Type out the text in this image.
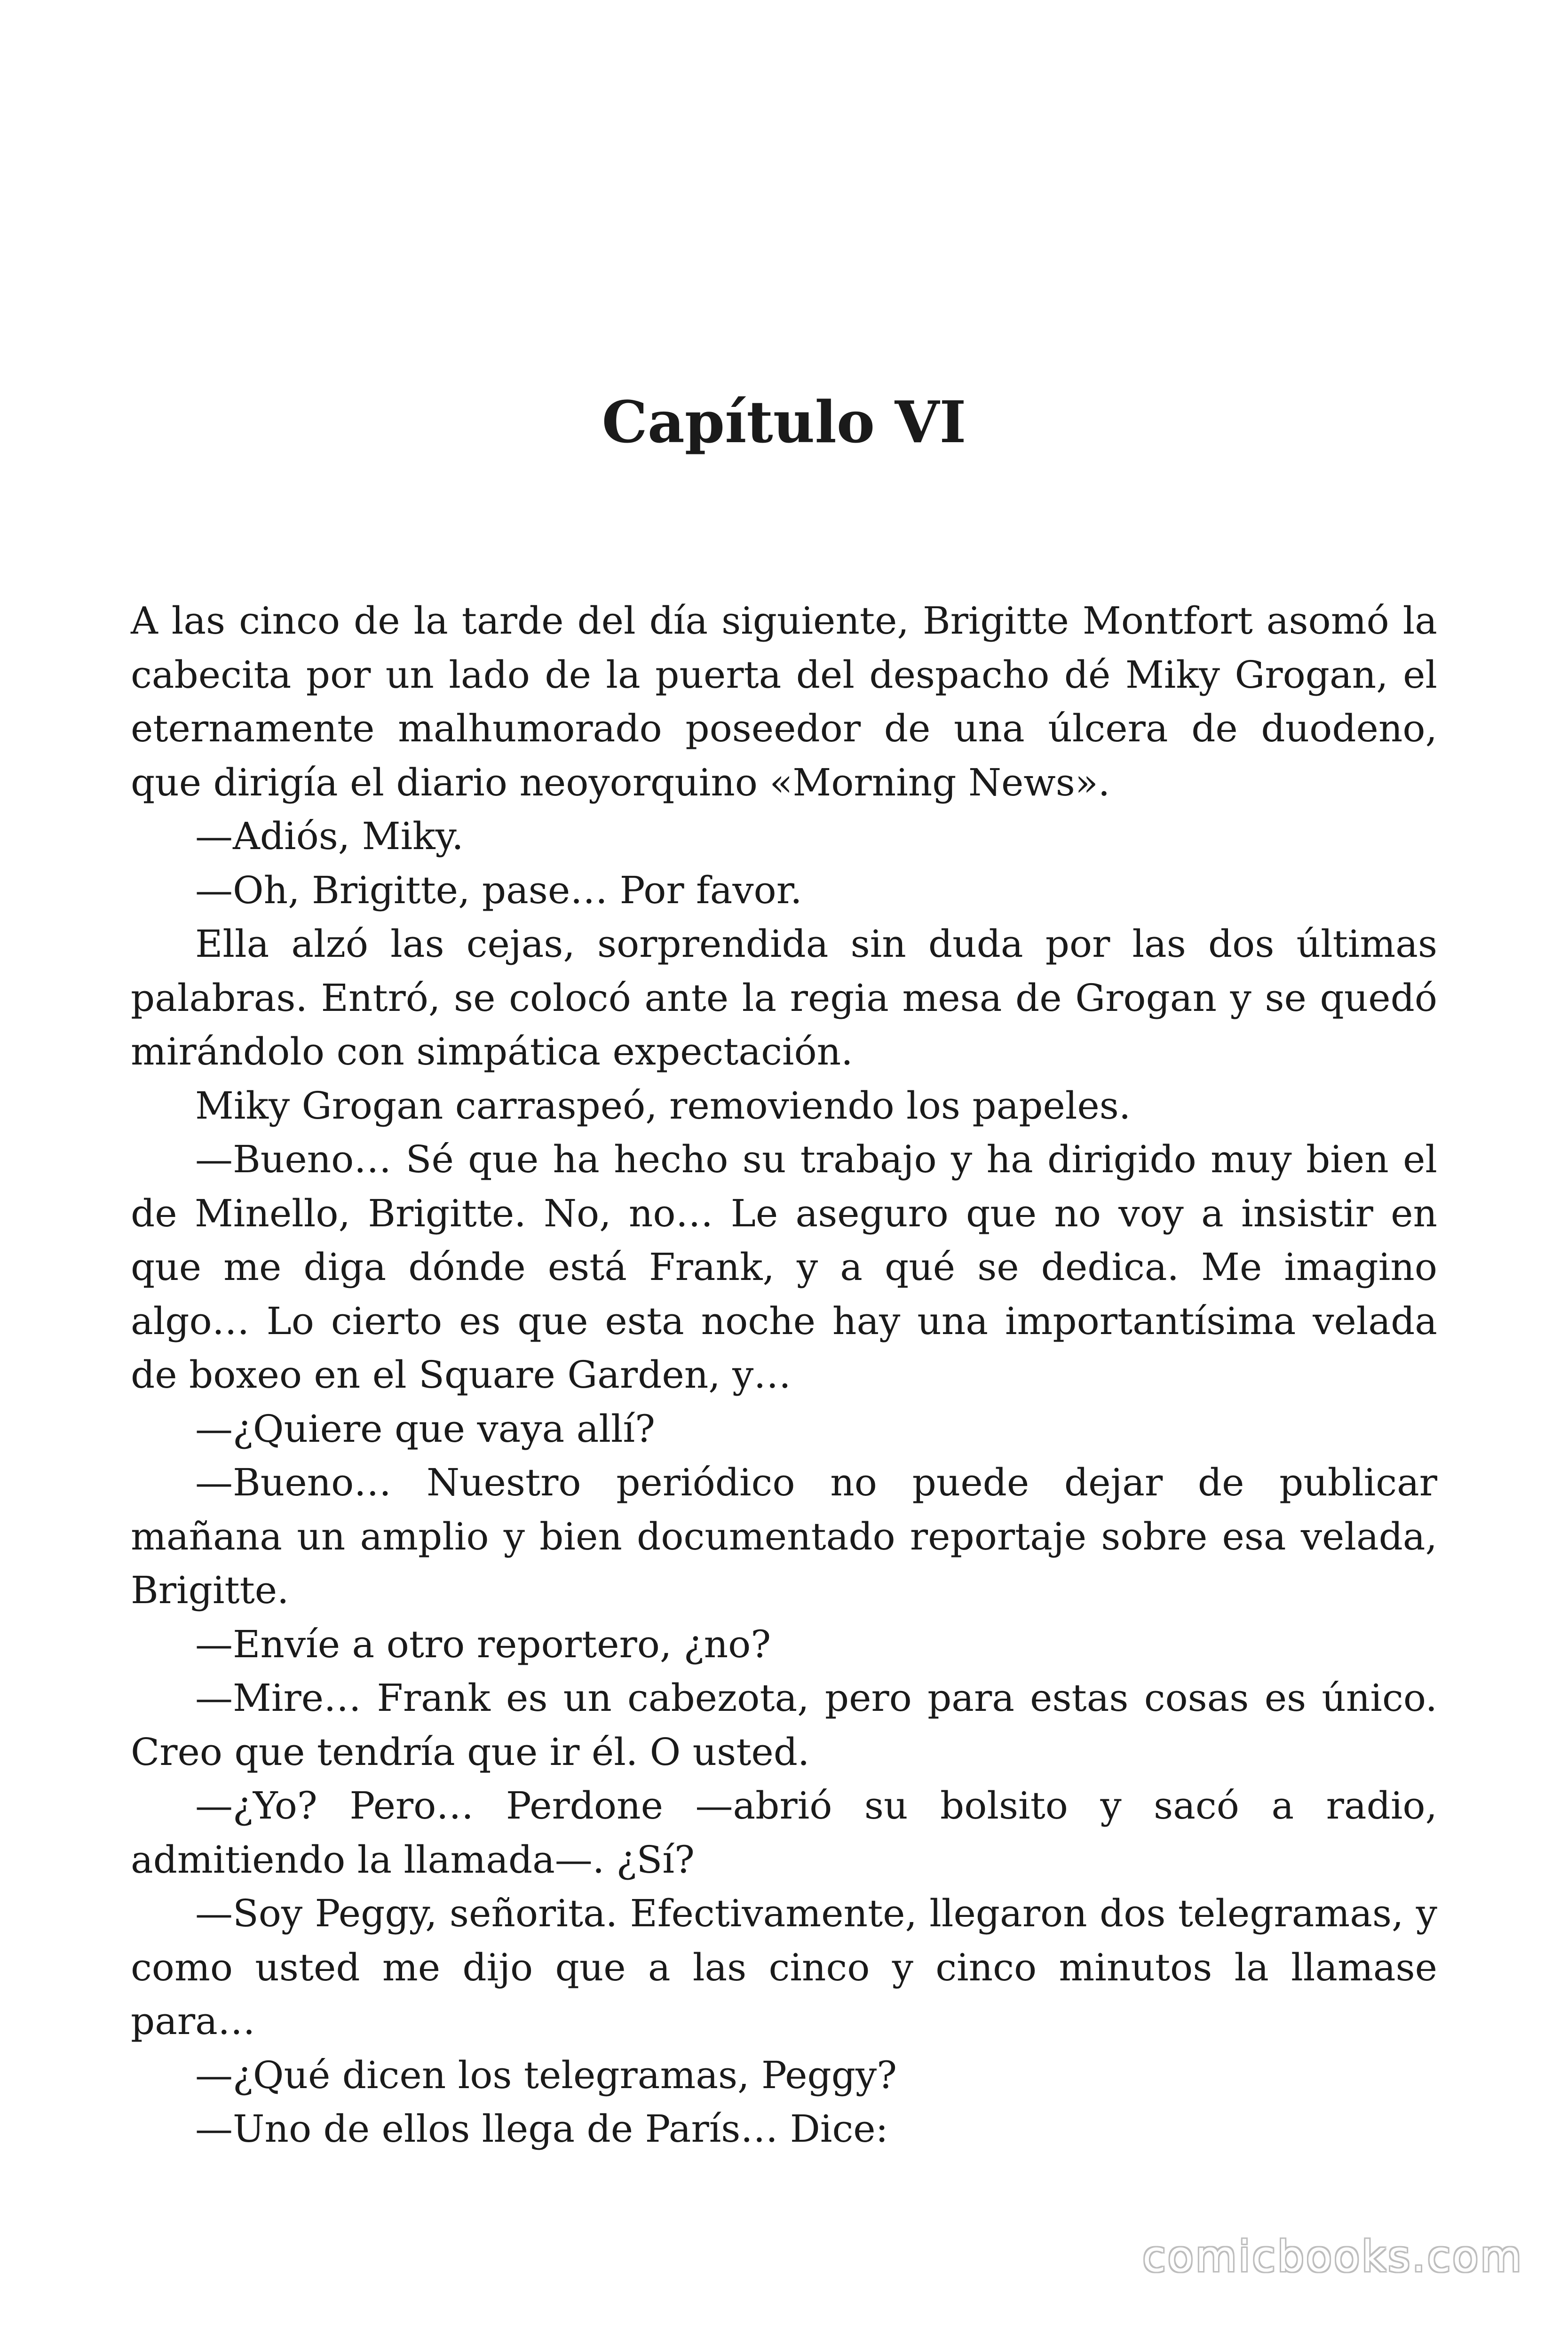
Capítulo VI

A las cinco de la tarde del día siguiente, Brigitte Montfort asomó la cabecita por un lado de la puerta del despacho dé Miky Grogan, el eternamente malhumorado poseedor de una úlcera de duodeno, que dirigía el diario neoyorquino «Morning News».

—Adiós, Miky.

—Oh, Brigitte, pase… Por favor.

Ella alzó las cejas, sorprendida sin duda por las dos últimas palabras. Entró, se colocó ante la regia mesa de Grogan y se quedó mirándolo con simpática expectación.

Miky Grogan carraspeó, removiendo los papeles.

—Bueno… Sé que ha hecho su trabajo y ha dirigido muy bien el de Minello, Brigitte. No, no… Le aseguro que no voy a insistir en que me diga dónde está Frank, y a qué se dedica. Me imagino algo… Lo cierto es que esta noche hay una importantísima velada de boxeo en el Square Garden, y…

—¿Quiere que vaya allí?

—Bueno… Nuestro periódico no puede dejar de publicar mañana un amplio y bien documentado reportaje sobre esa velada, Brigitte.

—Envíe a otro reportero, ¿no?

—Mire… Frank es un cabezota, pero para estas cosas es único. Creo que tendría que ir él. O usted.

—¿Yo? Pero… Perdone —abrió su bolsito y sacó a radio, admitiendo la llamada—. ¿Sí?

—Soy Peggy, señorita. Efectivamente, llegaron dos telegramas, y como usted me dijo que a las cinco y cinco minutos la llamase para…

—¿Qué dicen los telegramas, Peggy?

—Uno de ellos llega de París… Dice:

comicbooks.com
